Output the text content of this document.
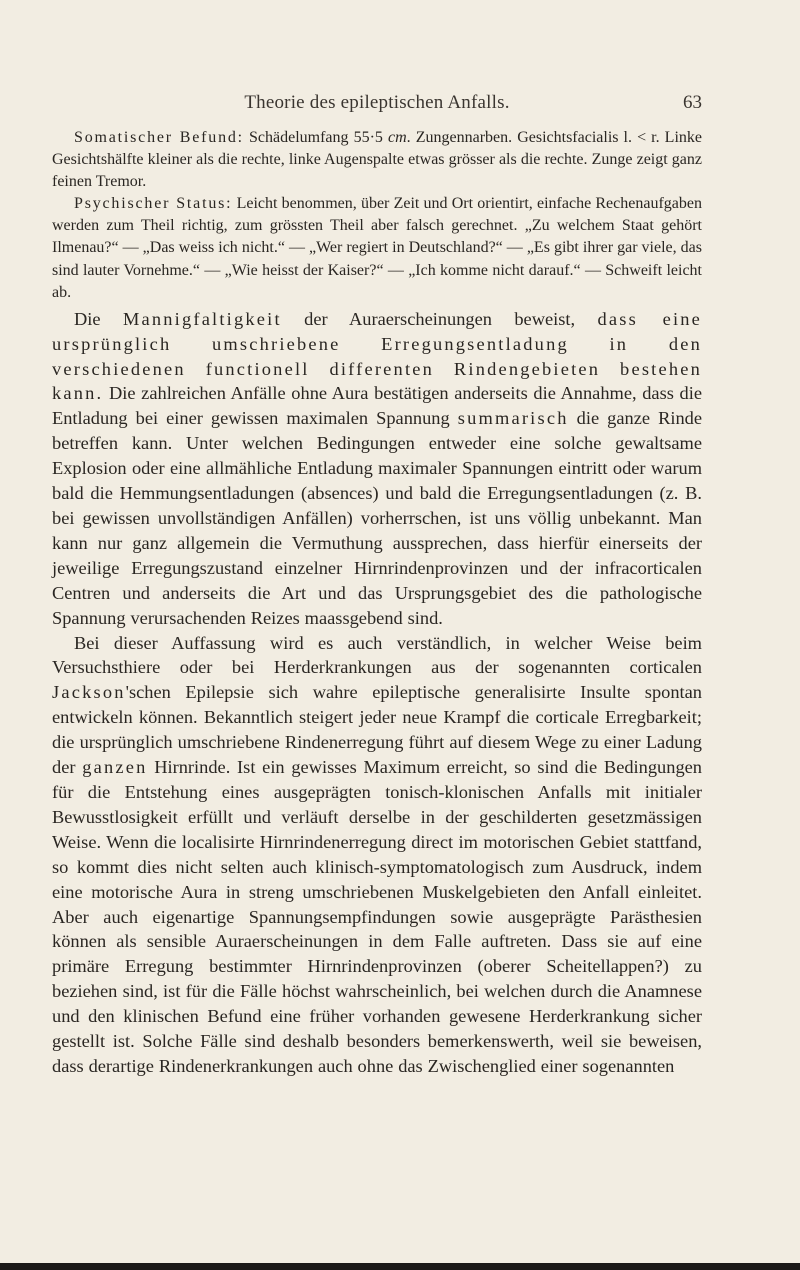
Theorie des epileptischen Anfalls.	63

Somatischer Befund: Schädelumfang 55·5 cm. Zungennarben. Gesichtsfacialis l. < r. Linke Gesichtshälfte kleiner als die rechte, linke Augenspalte etwas grösser als die rechte. Zunge zeigt ganz feinen Tremor.

Psychischer Status: Leicht benommen, über Zeit und Ort orientirt, einfache Rechenaufgaben werden zum Theil richtig, zum grössten Theil aber falsch gerechnet. „Zu welchem Staat gehört Ilmenau?“ — „Das weiss ich nicht.“ — „Wer regiert in Deutschland?“ — „Es gibt ihrer gar viele, das sind lauter Vornehme.“ — „Wie heisst der Kaiser?“ — „Ich komme nicht darauf.“ — Schweift leicht ab.

Die Mannigfaltigkeit der Auraerscheinungen beweist, dass eine ursprünglich umschriebene Erregungsentladung in den verschiedenen functionell differenten Rindengebieten bestehen kann. Die zahlreichen Anfälle ohne Aura bestätigen anderseits die Annahme, dass die Entladung bei einer gewissen maximalen Spannung summarisch die ganze Rinde betreffen kann. Unter welchen Bedingungen entweder eine solche gewaltsame Explosion oder eine allmähliche Entladung maximaler Spannungen eintritt oder warum bald die Hemmungsentladungen (absences) und bald die Erregungsentladungen (z. B. bei gewissen unvollständigen Anfällen) vorherrschen, ist uns völlig unbekannt. Man kann nur ganz allgemein die Vermuthung aussprechen, dass hierfür einerseits der jeweilige Erregungszustand einzelner Hirnrindenprovinzen und der infracorticalen Centren und anderseits die Art und das Ursprungsgebiet des die pathologische Spannung verursachenden Reizes maassgebend sind.

Bei dieser Auffassung wird es auch verständlich, in welcher Weise beim Versuchsthiere oder bei Herderkrankungen aus der sogenannten corticalen Jackson'schen Epilepsie sich wahre epileptische generalisirte Insulte spontan entwickeln können. Bekanntlich steigert jeder neue Krampf die corticale Erregbarkeit; die ursprünglich umschriebene Rindenerregung führt auf diesem Wege zu einer Ladung der ganzen Hirnrinde. Ist ein gewisses Maximum erreicht, so sind die Bedingungen für die Entstehung eines ausgeprägten tonisch-klonischen Anfalls mit initialer Bewusstlosigkeit erfüllt und verläuft derselbe in der geschilderten gesetzmässigen Weise. Wenn die localisirte Hirnrindenerregung direct im motorischen Gebiet stattfand, so kommt dies nicht selten auch klinisch-symptomatologisch zum Ausdruck, indem eine motorische Aura in streng umschriebenen Muskelgebieten den Anfall einleitet. Aber auch eigenartige Spannungsempfindungen sowie ausgeprägte Parästhesien können als sensible Auraerscheinungen in dem Falle auftreten. Dass sie auf eine primäre Erregung bestimmter Hirnrindenprovinzen (oberer Scheitellappen?) zu beziehen sind, ist für die Fälle höchst wahrscheinlich, bei welchen durch die Anamnese und den klinischen Befund eine früher vorhanden gewesene Herderkrankung sicher gestellt ist. Solche Fälle sind deshalb besonders bemerkenswerth, weil sie beweisen, dass derartige Rindenerkrankungen auch ohne das Zwischenglied einer sogenannten
